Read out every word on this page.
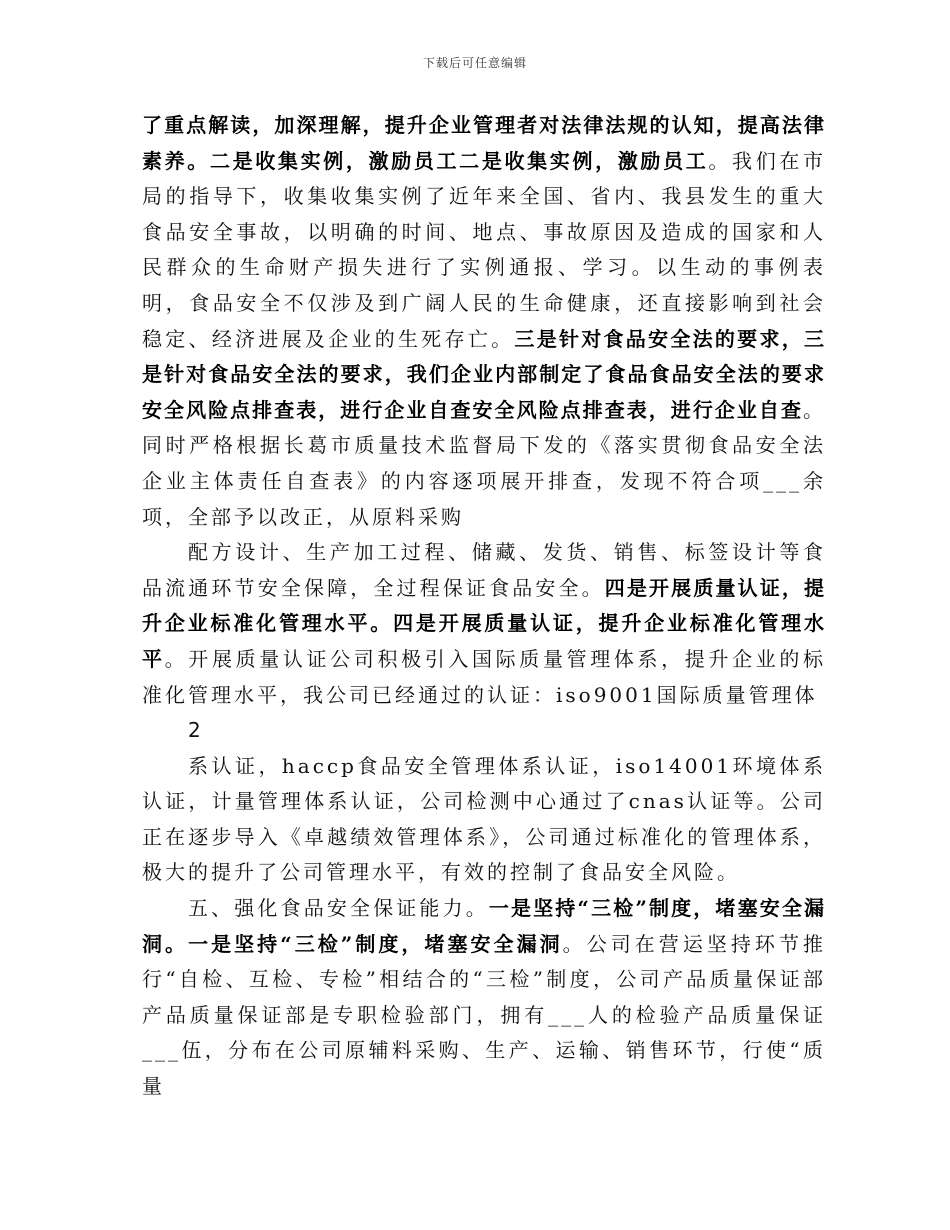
下载后可任意编辑

了重点解读，加深理解，提升企业管理者对法律法规的认知，提高法律素养。二是收集实例，激励员工二是收集实例，激励员工。我们在市局的指导下，收集收集实例了近年来全国、省内、我县发生的重大食品安全事故，以明确的时间、地点、事故原因及造成的国家和人民群众的生命财产损失进行了实例通报、学习。以生动的事例表明，食品安全不仅涉及到广阔人民的生命健康，还直接影响到社会稳定、经济进展及企业的生死存亡。三是针对食品安全法的要求，三是针对食品安全法的要求，我们企业内部制定了食品食品安全法的要求安全风险点排查表，进行企业自查安全风险点排查表，进行企业自查。同时严格根据长葛市质量技术监督局下发的《落实贯彻食品安全法企业主体责任自查表》的内容逐项展开排查，发现不符合项___余项，全部予以改正，从原料采购

配方设计、生产加工过程、储藏、发货、销售、标签设计等食品流通环节安全保障，全过程保证食品安全。四是开展质量认证，提升企业标准化管理水平。四是开展质量认证，提升企业标准化管理水平。开展质量认证公司积极引入国际质量管理体系，提升企业的标准化管理水平，我公司已经通过的认证：iso9001国际质量管理体

2

系认证，haccp食品安全管理体系认证，iso14001环境体系认证，计量管理体系认证，公司检测中心通过了cnas认证等。公司正在逐步导入《卓越绩效管理体系》，公司通过标准化的管理体系，极大的提升了公司管理水平，有效的控制了食品安全风险。

五、强化食品安全保证能力。一是坚持“三检”制度，堵塞安全漏洞。一是坚持“三检”制度，堵塞安全漏洞。公司在营运坚持环节推行“自检、互检、专检”相结合的“三检”制度，公司产品质量保证部产品质量保证部是专职检验部门，拥有___人的检验产品质量保证___伍，分布在公司原辅料采购、生产、运输、销售环节，行使“质量
